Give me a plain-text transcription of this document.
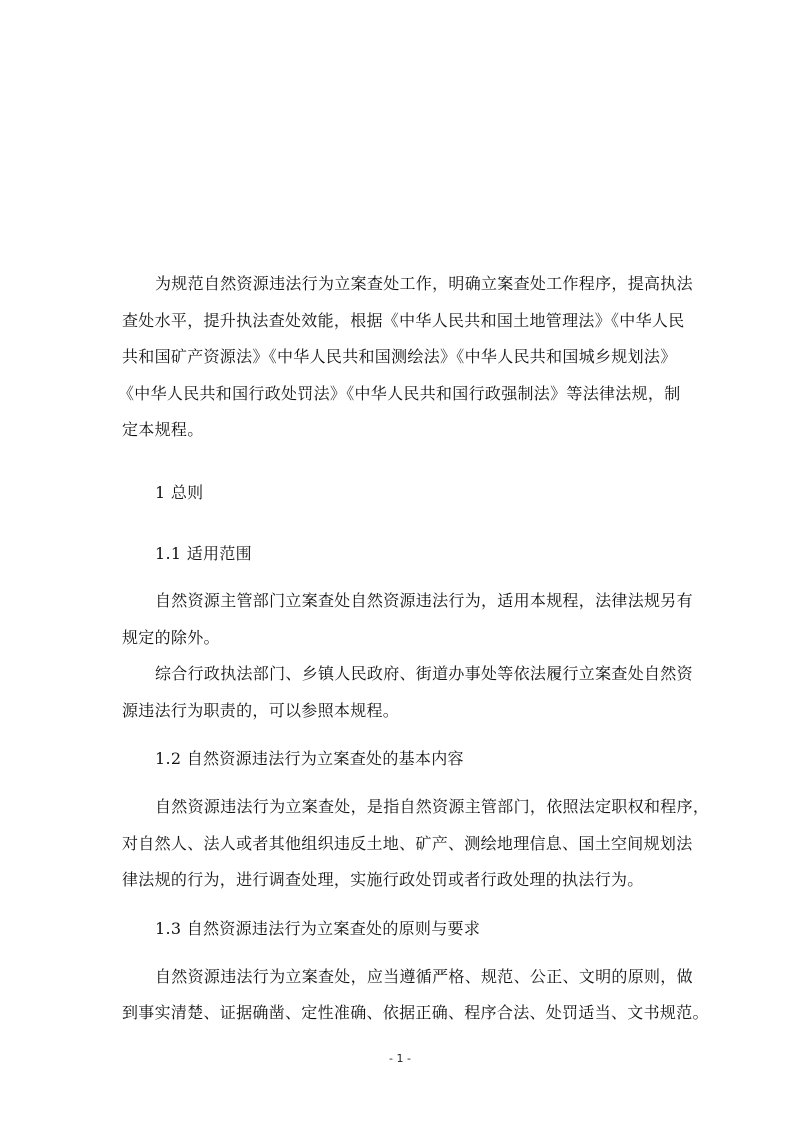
为规范自然资源违法行为立案查处工作，明确立案查处工作程序，提高执法
查处水平，提升执法查处效能，根据《中华人民共和国土地管理法》《中华人民
共和国矿产资源法》《中华人民共和国测绘法》《中华人民共和国城乡规划法》
《中华人民共和国行政处罚法》《中华人民共和国行政强制法》等法律法规，制
定本规程。
1 总则
1.1 适用范围
自然资源主管部门立案查处自然资源违法行为，适用本规程，法律法规另有
规定的除外。
综合行政执法部门、乡镇人民政府、街道办事处等依法履行立案查处自然资
源违法行为职责的，可以参照本规程。
1.2 自然资源违法行为立案查处的基本内容
自然资源违法行为立案查处，是指自然资源主管部门，依照法定职权和程序，
对自然人、法人或者其他组织违反土地、矿产、测绘地理信息、国土空间规划法
律法规的行为，进行调查处理，实施行政处罚或者行政处理的执法行为。
1.3 自然资源违法行为立案查处的原则与要求
自然资源违法行为立案查处，应当遵循严格、规范、公正、文明的原则，做
到事实清楚、证据确凿、定性准确、依据正确、程序合法、处罚适当、文书规范。
- 1 -
